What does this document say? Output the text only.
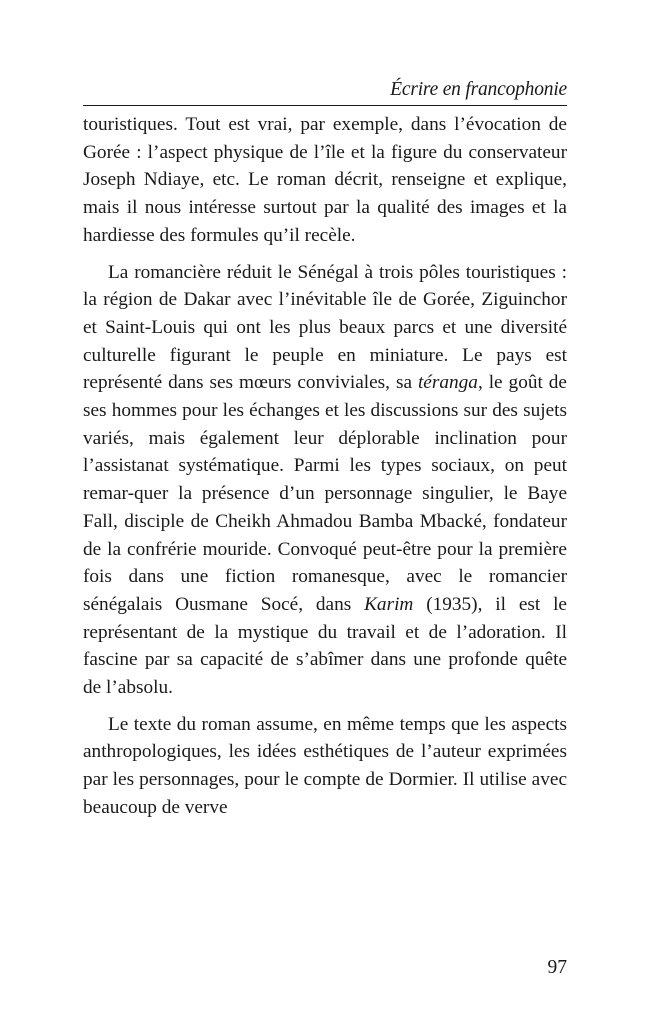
Écrire en francophonie

touristiques. Tout est vrai, par exemple, dans l’évocation de Gorée : l’aspect physique de l’île et la figure du conservateur Joseph Ndiaye, etc. Le roman décrit, renseigne et explique, mais il nous intéresse surtout par la qualité des images et la hardiesse des formules qu’il recèle.

La romancière réduit le Sénégal à trois pôles touristiques : la région de Dakar avec l’inévitable île de Gorée, Ziguinchor et Saint-Louis qui ont les plus beaux parcs et une diversité culturelle figurant le peuple en miniature. Le pays est représenté dans ses mœurs conviviales, sa téranga, le goût de ses hommes pour les échanges et les discussions sur des sujets variés, mais également leur déplorable inclination pour l’assistanat systématique. Parmi les types sociaux, on peut remar-quer la présence d’un personnage singulier, le Baye Fall, disciple de Cheikh Ahmadou Bamba Mbacké, fondateur de la confrérie mouride. Convoqué peut-être pour la première fois dans une fiction romanesque, avec le romancier sénégalais Ousmane Socé, dans Karim (1935), il est le représentant de la mystique du travail et de l’adoration. Il fascine par sa capacité de s’abîmer dans une profonde quête de l’absolu.

Le texte du roman assume, en même temps que les aspects anthropologiques, les idées esthétiques de l’auteur exprimées par les personnages, pour le compte de Dormier. Il utilise avec beaucoup de verve

97
